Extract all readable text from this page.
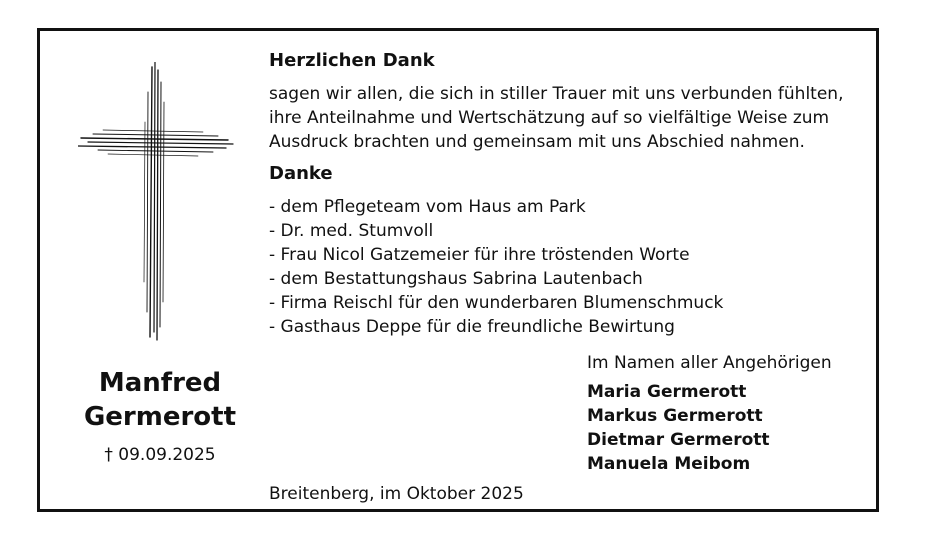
Manfred
Germerott
† 09.09.2025
Herzlichen Dank
sagen wir allen, die sich in stiller Trauer mit uns verbunden fühlten,
ihre Anteilnahme und Wertschätzung auf so vielfältige Weise zum
Ausdruck brachten und gemeinsam mit uns Abschied nahmen.
Danke
- dem Pflegeteam vom Haus am Park
- Dr. med. Stumvoll
- Frau Nicol Gatzemeier für ihre tröstenden Worte
- dem Bestattungshaus Sabrina Lautenbach
- Firma Reischl für den wunderbaren Blumenschmuck
- Gasthaus Deppe für die freundliche Bewirtung
Im Namen aller Angehörigen
Maria Germerott
Markus Germerott
Dietmar Germerott
Manuela Meibom
Breitenberg, im Oktober 2025
